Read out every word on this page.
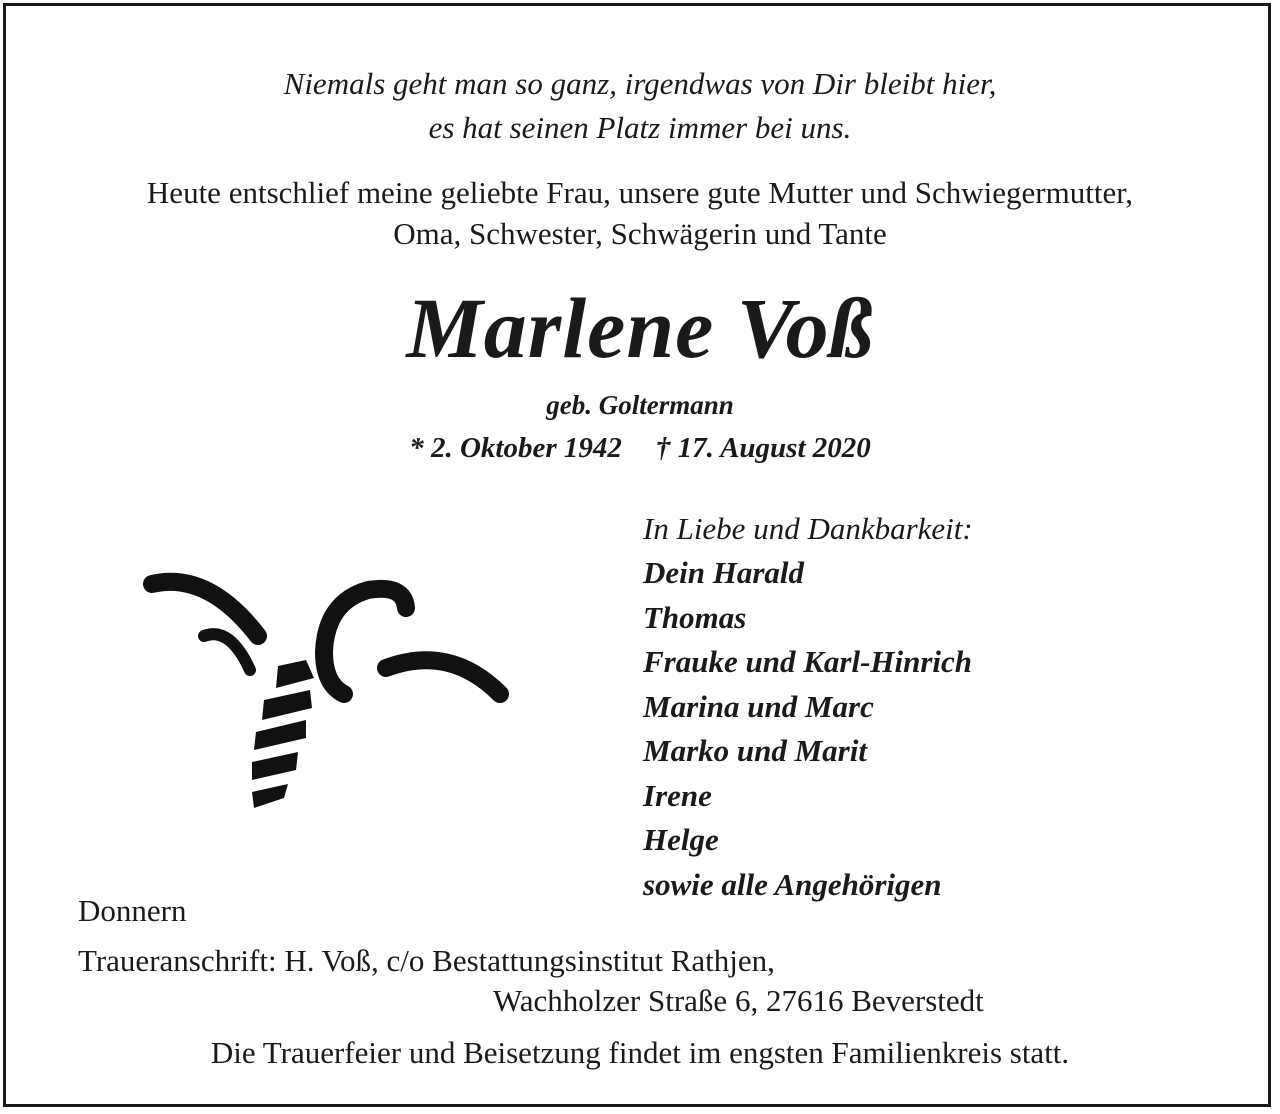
Niemals geht man so ganz, irgendwas von Dir bleibt hier,

es hat seinen Platz immer bei uns.

Heute entschlief meine geliebte Frau, unsere gute Mutter und Schwiegermutter,

Oma, Schwester, Schwägerin und Tante

Marlene Voß

geb. Goltermann

* 2. Oktober 1942 † 17. August 2020

In Liebe und Dankbarkeit:
Dein Harald
Thomas
Frauke und Karl-Hinrich
Marina und Marc
Marko und Marit
Irene
Helge
sowie alle Angehörigen

Donnern

Traueranschrift: H. Voß, c/o Bestattungsinstitut Rathjen,

Wachholzer Straße 6, 27616 Beverstedt

Die Trauerfeier und Beisetzung findet im engsten Familienkreis statt.
